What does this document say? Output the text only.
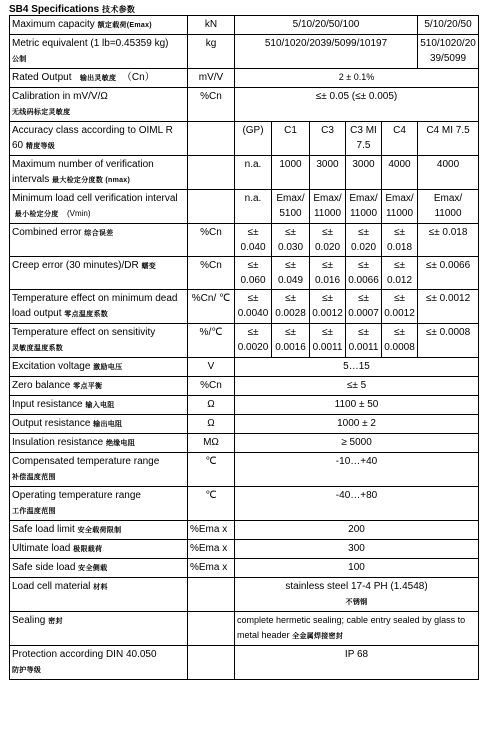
SB4 Specifications 技术参数
Maximum capacity 额定载荷(Emax)	kN	5/10/20/50/100					5/10/20/50
Metric equivalent (1 lb=0.45359 kg)
公制	kg	510/1020/2039/5099/10197					510/1020/20 39/5099
Rated Output 输出灵敏度 （Cn）	mV/V	2 ± 0.1%					
Calibration in mV/V/Ω
无线码标定灵敏度	%Cn	≤± 0.05 (≤± 0.005)					
Accuracy class according to OIML R 60 精度等级		(GP)	C1	C3	C3 MI 7.5	C4	C4 MI 7.5
Maximum number of verification intervals 最大检定分度数 (nmax)		n.a.	1000	3000	3000	4000	4000
Minimum load cell verification interval  最小检定分度 (Vmin)		n.a.	Emax/ 5100	Emax/ 11000	Emax/ 11000	Emax/ 11000	Emax/ 11000
Combined error 综合误差	%Cn	≤± 0.040	≤± 0.030	≤± 0.020	≤± 0.020	≤± 0.018	≤± 0.018
Creep error (30 minutes)/DR 蠕变	%Cn	≤± 0.060	≤± 0.049	≤± 0.016	≤± 0.0066	≤± 0.012	≤± 0.0066
Temperature effect on minimum dead load output 零点温度系数	%Cn/ ℃	≤± 0.0040	≤± 0.0028	≤± 0.0012	≤± 0.0007	≤± 0.0012	≤± 0.0012
Temperature effect on sensitivity
灵敏度温度系数	%/℃	≤± 0.0020	≤± 0.0016	≤± 0.0011	≤± 0.0011	≤± 0.0008	≤± 0.0008
Excitation voltage 激励电压	V	5…15					
Zero balance 零点平衡	%Cn	≤± 5					
Input resistance 输入电阻	Ω	1100 ± 50					
Output resistance 输出电阻	Ω	1000 ± 2					
Insulation resistance 绝缘电阻	MΩ	≥ 5000					
Compensated temperature range
补偿温度范围	℃	-10…+40					
Operating temperature range
工作温度范围	℃	-40…+80					
Safe load limit 安全载荷限制	%Ema x	200					
Ultimate load 极限载荷	%Ema x	300					
Safe side load 安全侧载	%Ema x	100					
Load cell material 材料		stainless steel 17-4 PH (1.4548)
不锈钢					
Sealing 密封		complete hermetic sealing; cable entry sealed by glass to metal header 全金属焊接密封					
Protection according DIN 40.050
防护等级		IP 68					
